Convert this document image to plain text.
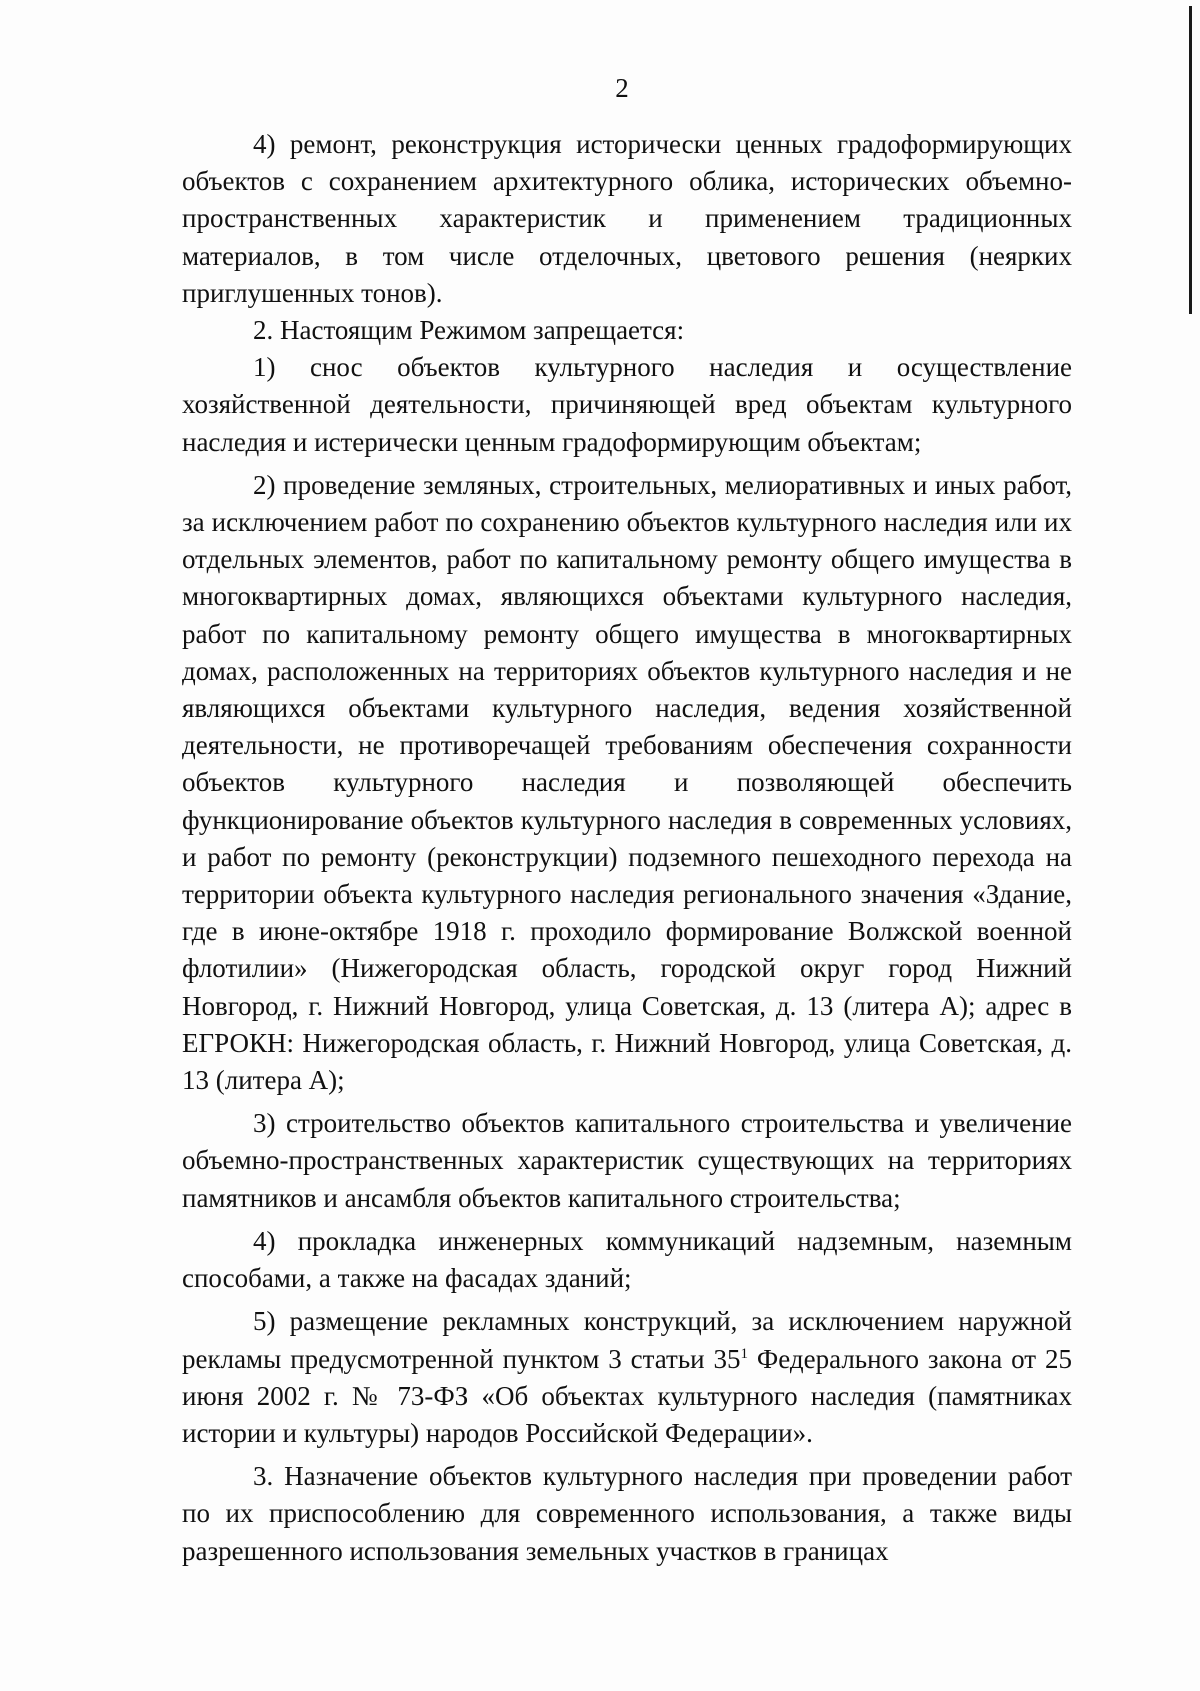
2

4) ремонт, реконструкция исторически ценных градоформирующих объектов с сохранением архитектурного облика, исторических объемно-пространственных характеристик и применением традиционных материалов, в том числе отделочных, цветового решения (неярких приглушенных тонов).

2. Настоящим Режимом запрещается:

1) снос объектов культурного наследия и осуществление хозяйственной деятельности, причиняющей вред объектам культурного наследия и истерически ценным градоформирующим объектам;

2) проведение земляных, строительных, мелиоративных и иных работ, за исключением работ по сохранению объектов культурного наследия или их отдельных элементов, работ по капитальному ремонту общего имущества в многоквартирных домах, являющихся объектами культурного наследия, работ по капитальному ремонту общего имущества в многоквартирных домах, расположенных на территориях объектов культурного наследия и не являющихся объектами культурного наследия, ведения хозяйственной деятельности, не противоречащей требованиям обеспечения сохранности объектов культурного наследия и позволяющей обеспечить функционирование объектов культурного наследия в современных условиях, и работ по ремонту (реконструкции) подземного пешеходного перехода на территории объекта культурного наследия регионального значения «Здание, где в июне-октябре 1918 г. проходило формирование Волжской военной флотилии» (Нижегородская область, городской округ город Нижний Новгород, г. Нижний Новгород, улица Советская, д. 13 (литера А); адрес в ЕГРОКН: Нижегородская область, г. Нижний Новгород, улица Советская, д. 13 (литера А);

3) строительство объектов капитального строительства и увеличение объемно-пространственных характеристик существующих на территориях памятников и ансамбля объектов капитального строительства;

4) прокладка инженерных коммуникаций надземным, наземным способами, а также на фасадах зданий;

5) размещение рекламных конструкций, за исключением наружной рекламы предусмотренной пунктом 3 статьи $35^1$ Федерального закона от 25 июня 2002 г. № 73-ФЗ «Об объектах культурного наследия (памятниках истории и культуры) народов Российской Федерации».

3. Назначение объектов культурного наследия при проведении работ по их приспособлению для современного использования, а также виды разрешенного использования земельных участков в границах
